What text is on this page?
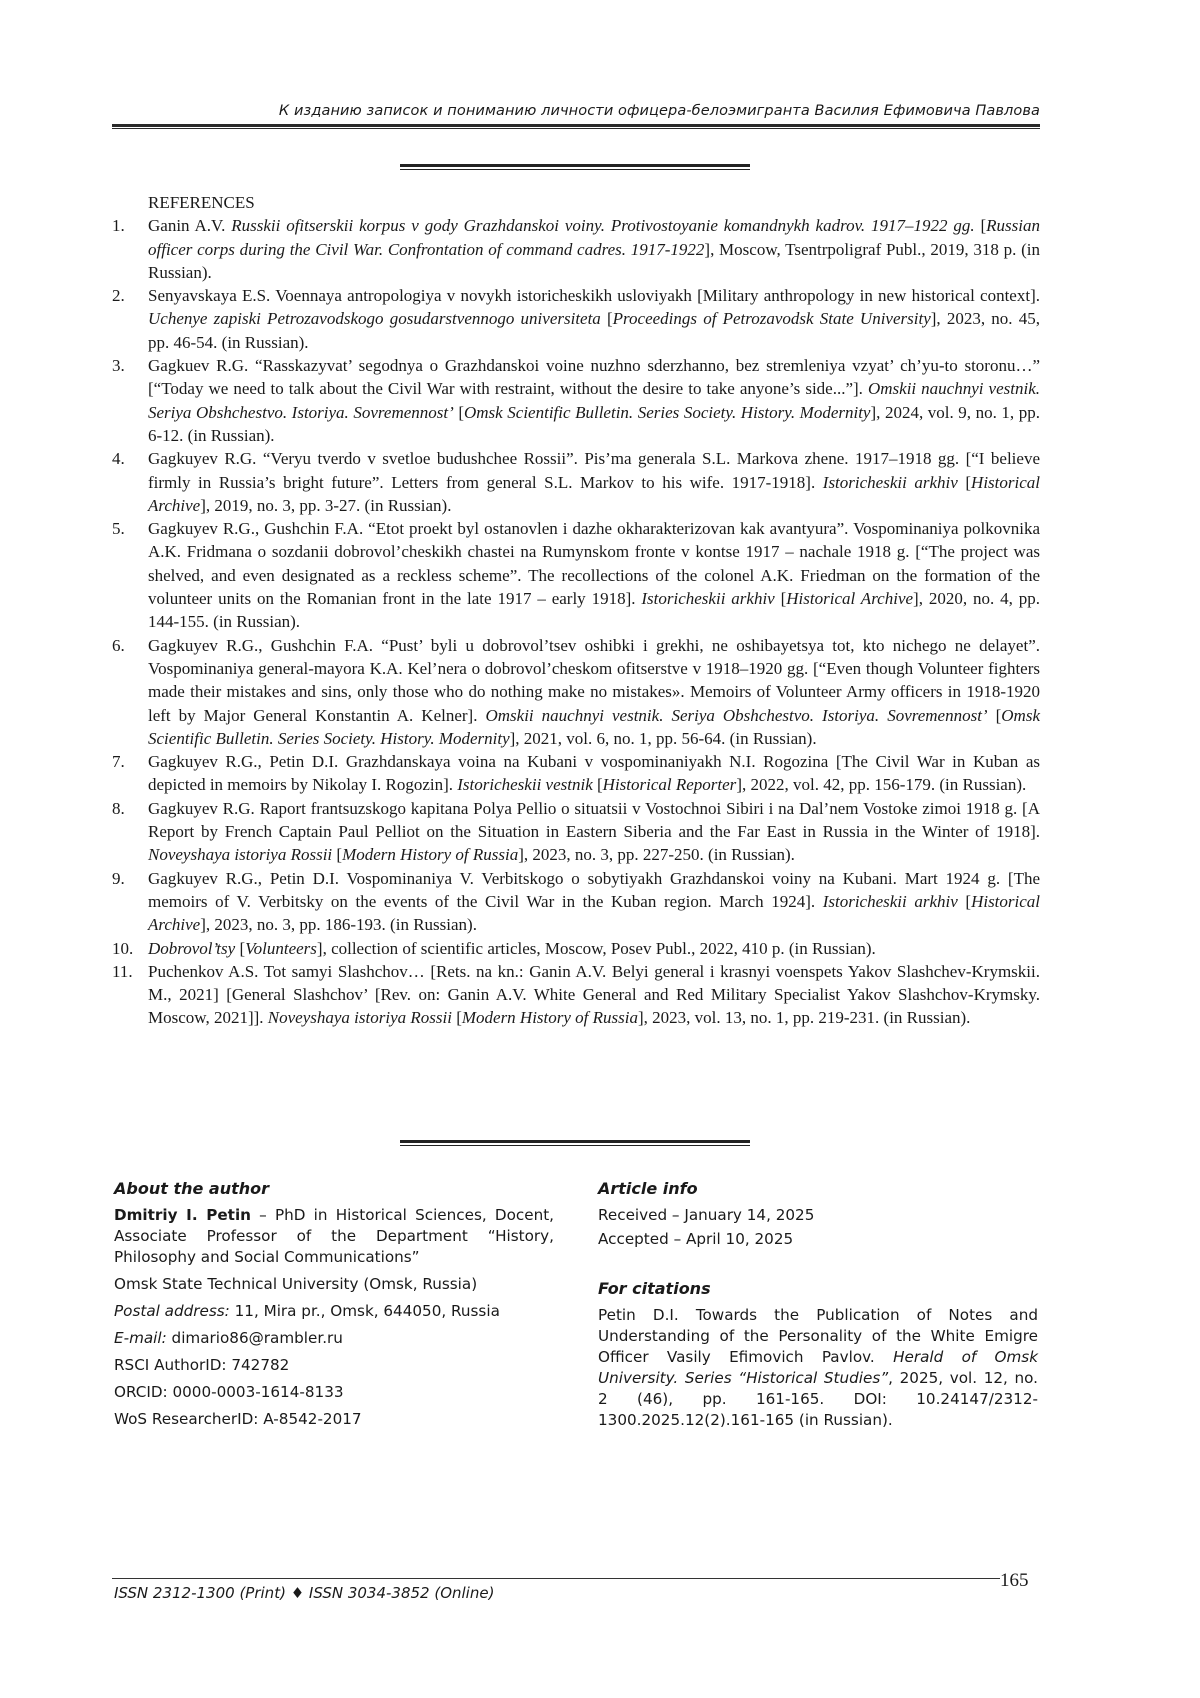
К изданию записок и пониманию личности офицера-белоэмигранта Василия Ефимовича Павлова
REFERENCES
1. Ganin A.V. Russkii ofitserskii korpus v gody Grazhdanskoi voiny. Protivostoyanie komandnykh kadrov. 1917–1922 gg. [Russian officer corps during the Civil War. Confrontation of command cadres. 1917-1922], Moscow, Tsentrpoligraf Publ., 2019, 318 p. (in Russian).
2. Senyavskaya E.S. Voennaya antropologiya v novykh istoricheskikh usloviyakh [Military anthropology in new historical context]. Uchenye zapiski Petrozavodskogo gosudarstvennogo universiteta [Proceedings of Petrozavodsk State University], 2023, no. 45, pp. 46-54. (in Russian).
3. Gagkuev R.G. “Rasskazyvat’ segodnya o Grazhdanskoi voine nuzhno sderzhanno, bez stremleniya vzyat’ ch’yu-to storonu…” [“Today we need to talk about the Civil War with restraint, without the desire to take anyone’s side...”]. Omskii nauchnyi vestnik. Seriya Obshchestvo. Istoriya. Sovremennost’ [Omsk Scientific Bulletin. Series Society. History. Modernity], 2024, vol. 9, no. 1, pp. 6-12. (in Russian).
4. Gagkuyev R.G. “Veryu tverdo v svetloe budushchee Rossii”. Pis’ma generala S.L. Markova zhene. 1917–1918 gg. [“I believe firmly in Russia’s bright future”. Letters from general S.L. Markov to his wife. 1917-1918]. Istoricheskii arkhiv [Historical Archive], 2019, no. 3, pp. 3-27. (in Russian).
5. Gagkuyev R.G., Gushchin F.A. “Etot proekt byl ostanovlen i dazhe okharakterizovan kak avantyura”. Vospominaniya polkovnika A.K. Fridmana o sozdanii dobrovol’cheskikh chastei na Rumynskom fronte v kontse 1917 – nachale 1918 g. [“The project was shelved, and even designated as a reckless scheme”. The recollections of the colonel A.K. Friedman on the formation of the volunteer units on the Romanian front in the late 1917 – early 1918]. Istoricheskii arkhiv [Historical Archive], 2020, no. 4, pp. 144-155. (in Russian).
6. Gagkuyev R.G., Gushchin F.A. “Pust’ byli u dobrovol’tsev oshibki i grekhi, ne oshibayetsya tot, kto nichego ne delayet”. Vospominaniya general-mayora K.A. Kel’nera o dobrovol’cheskom ofitserstve v 1918–1920 gg. [“Even though Volunteer fighters made their mistakes and sins, only those who do nothing make no mistakes». Memoirs of Volunteer Army officers in 1918-1920 left by Major General Konstantin A. Kelner]. Omskii nauchnyi vestnik. Seriya Obshchestvo. Istoriya. Sovremennost’ [Omsk Scientific Bulletin. Series Society. History. Modernity], 2021, vol. 6, no. 1, pp. 56-64. (in Russian).
7. Gagkuyev R.G., Petin D.I. Grazhdanskaya voina na Kubani v vospominaniyakh N.I. Rogozina [The Civil War in Kuban as depicted in memoirs by Nikolay I. Rogozin]. Istoricheskii vestnik [Historical Reporter], 2022, vol. 42, pp. 156-179. (in Russian).
8. Gagkuyev R.G. Raport frantsuzskogo kapitana Polya Pellio o situatsii v Vostochnoi Sibiri i na Dal’nem Vostoke zimoi 1918 g. [A Report by French Captain Paul Pelliot on the Situation in Eastern Siberia and the Far East in Russia in the Winter of 1918]. Noveyshaya istoriya Rossii [Modern History of Russia], 2023, no. 3, pp. 227-250. (in Russian).
9. Gagkuyev R.G., Petin D.I. Vospominaniya V. Verbitskogo o sobytiyakh Grazhdanskoi voiny na Kubani. Mart 1924 g. [The memoirs of V. Verbitsky on the events of the Civil War in the Kuban region. March 1924]. Istoricheskii arkhiv [Historical Archive], 2023, no. 3, pp. 186-193. (in Russian).
10. Dobrovol’tsy [Volunteers], collection of scientific articles, Moscow, Posev Publ., 2022, 410 p. (in Russian).
11. Puchenkov A.S. Tot samyi Slashchov… [Rets. na kn.: Ganin A.V. Belyi general i krasnyi voenspets Yakov Slashchev-Krymskii. M., 2021] [General Slashchov’ [Rev. on: Ganin A.V. White General and Red Military Specialist Yakov Slashchov-Krymsky. Moscow, 2021]]. Noveyshaya istoriya Rossii [Modern History of Russia], 2023, vol. 13, no. 1, pp. 219-231. (in Russian).
About the author
Dmitriy I. Petin – PhD in Historical Sciences, Docent, Associate Professor of the Department “History, Philosophy and Social Communications”
Omsk State Technical University (Omsk, Russia)
Postal address: 11, Mira pr., Omsk, 644050, Russia
E-mail: dimario86@rambler.ru
RSCI AuthorID: 742782
ORCID: 0000-0003-1614-8133
WoS ResearcherID: A-8542-2017
Article info
Received – January 14, 2025
Accepted – April 10, 2025
For citations
Petin D.I. Towards the Publication of Notes and Understanding of the Personality of the White Emigre Officer Vasily Efimovich Pavlov. Herald of Omsk University. Series “Historical Studies”, 2025, vol. 12, no. 2 (46), pp. 161-165. DOI: 10.24147/2312-1300.2025.12(2).161-165 (in Russian).
ISSN 2312-1300 (Print) ♦ ISSN 3034-3852 (Online)
165
